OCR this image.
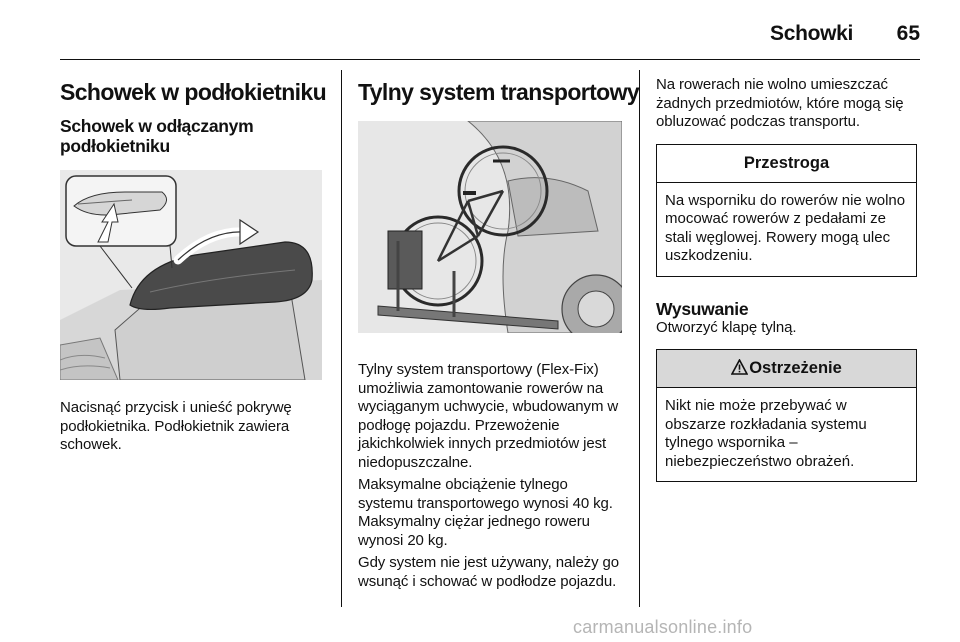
Schowki	65
Schowek w podłokietniku
Schowek w odłączanym podłokietniku

Nacisnąć przycisk i unieść pokrywę podłokietnika. Podłokietnik zawiera schowek.

Tylny system transportowy

Tylny system transportowy (Flex-Fix) umożliwia zamontowanie rowerów na wyciąganym uchwycie, wbudowanym w podłogę pojazdu. Przewożenie jakichkolwiek innych przedmiotów jest niedopuszczalne.

Maksymalne obciążenie tylnego systemu transportowego wynosi 40 kg. Maksymalny ciężar jednego roweru wynosi 20 kg.

Gdy system nie jest używany, należy go wsunąć i schować w podłodze pojazdu.

Na rowerach nie wolno umieszczać żadnych przedmiotów, które mogą się obluzować podczas transportu.

Przestroga
Na wsporniku do rowerów nie wolno mocować rowerów z pedałami ze stali węglowej. Rowery mogą ulec uszkodzeniu.
Wysuwanie

Otworzyć klapę tylną.

Ostrzeżenie
Nikt nie może przebywać w obszarze rozkładania systemu tylnego wspornika – niebezpieczeństwo obrażeń.
carmanualsonline.info
